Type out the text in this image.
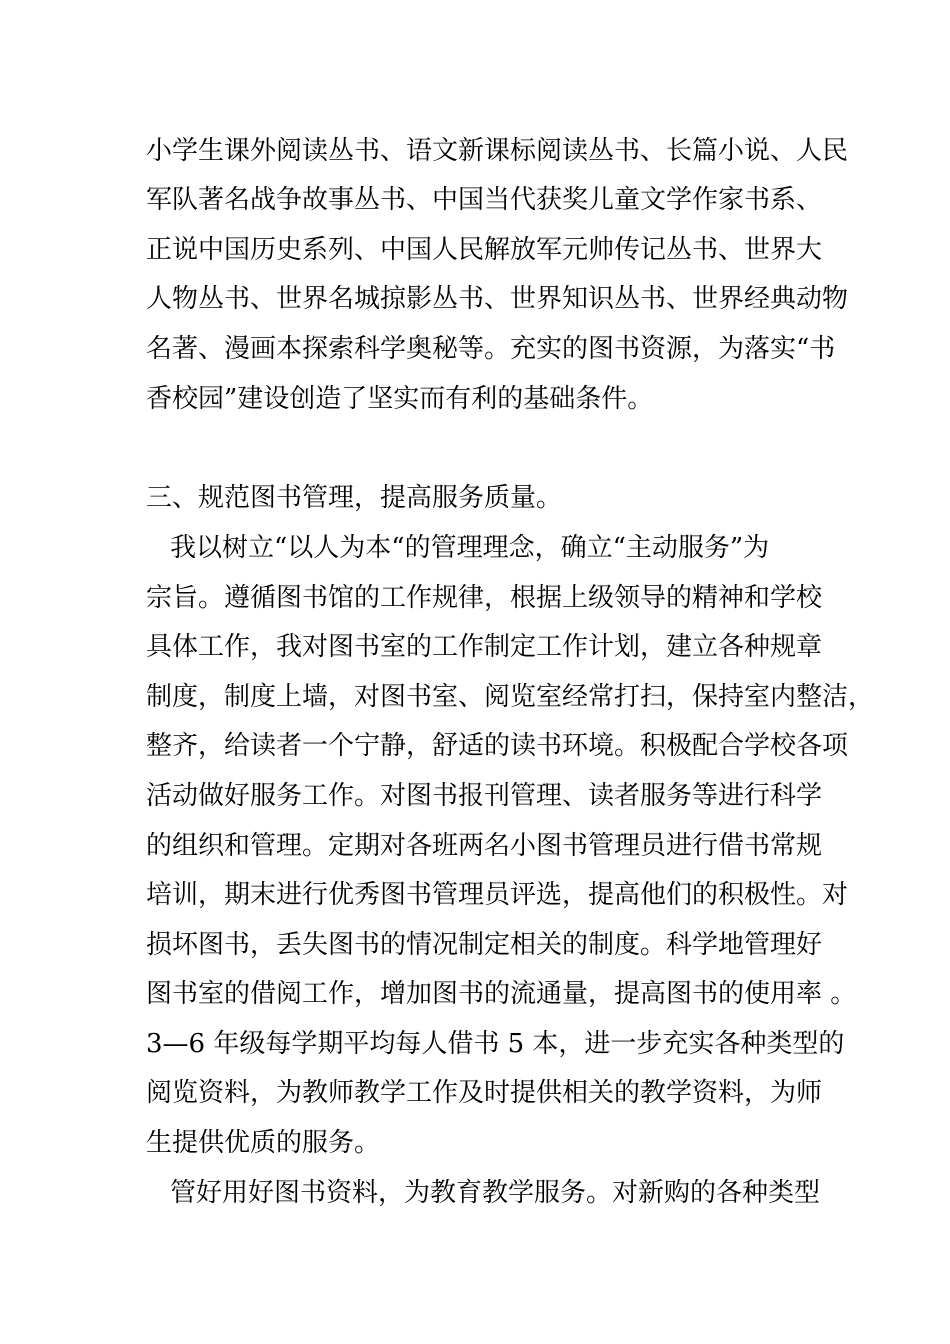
小学生课外阅读丛书、语文新课标阅读丛书、长篇小说、人民
军队著名战争故事丛书、中国当代获奖儿童文学作家书系、
正说中国历史系列、中国人民解放军元帅传记丛书、世界大
人物丛书、世界名城掠影丛书、世界知识丛书、世界经典动物
名著、漫画本探索科学奥秘等。充实的图书资源，为落实“书
香校园”建设创造了坚实而有利的基础条件。
三、规范图书管理，提高服务质量。
我以树立“以人为本“的管理理念，确立“主动服务”为
宗旨。遵循图书馆的工作规律，根据上级领导的精神和学校
具体工作，我对图书室的工作制定工作计划，建立各种规章
制度，制度上墙，对图书室、阅览室经常打扫，保持室内整洁，
整齐，给读者一个宁静，舒适的读书环境。积极配合学校各项
活动做好服务工作。对图书报刊管理、读者服务等进行科学
的组织和管理。定期对各班两名小图书管理员进行借书常规
培训，期末进行优秀图书管理员评选，提高他们的积极性。对
损坏图书，丢失图书的情况制定相关的制度。科学地管理好
图书室的借阅工作，增加图书的流通量，提高图书的使用率 。
3—6 年级每学期平均每人借书 5 本，进一步充实各种类型的
阅览资料，为教师教学工作及时提供相关的教学资料，为师
生提供优质的服务。
管好用好图书资料，为教育教学服务。对新购的各种类型
